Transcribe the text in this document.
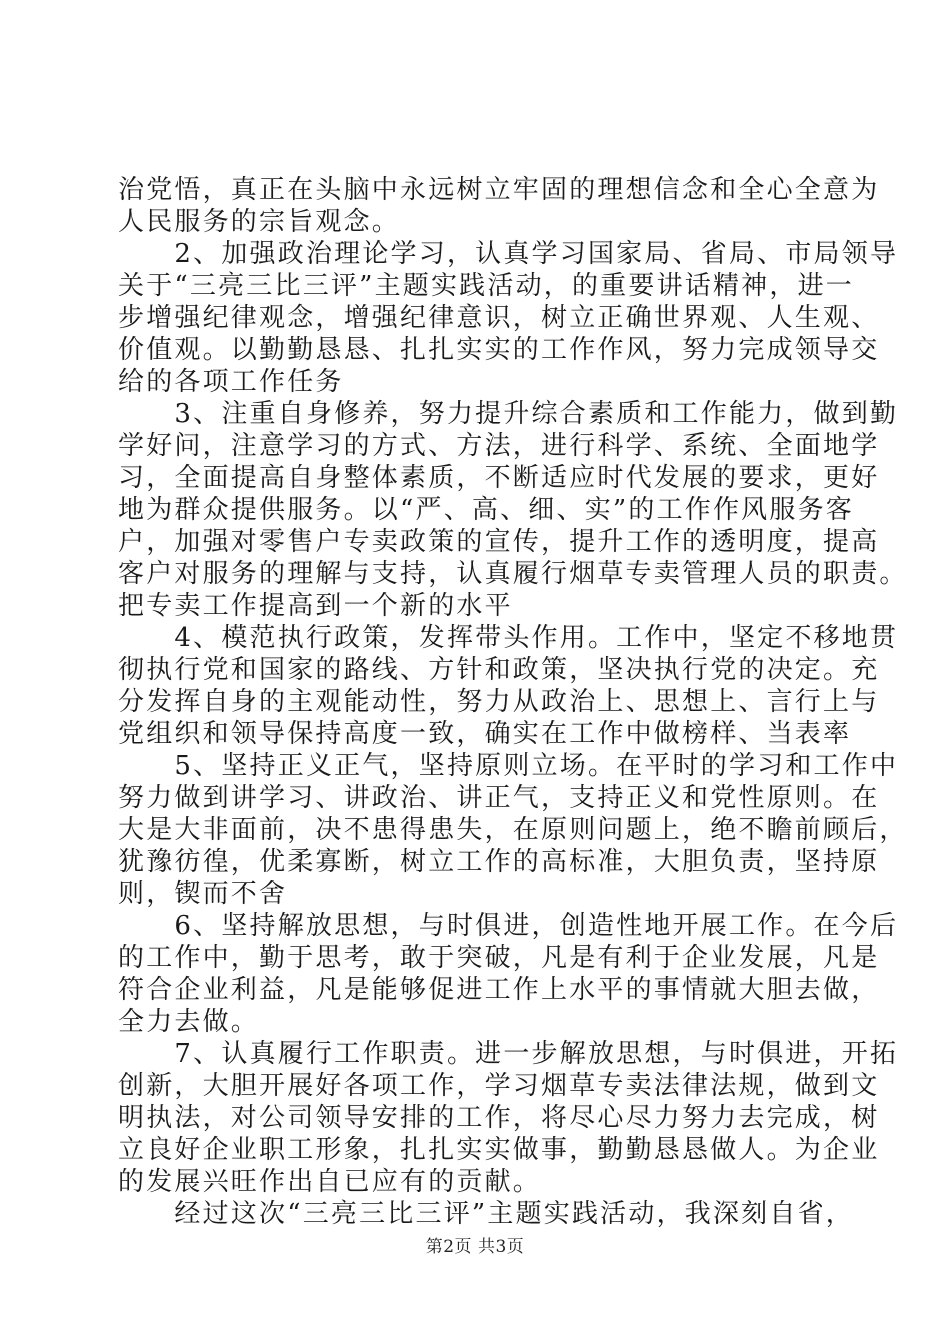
治党悟，真正在头脑中永远树立牢固的理想信念和全心全意为
人民服务的宗旨观念。
　　2、加强政治理论学习，认真学习国家局、省局、市局领导
关于“三亮三比三评”主题实践活动，的重要讲话精神，进一
步增强纪律观念，增强纪律意识，树立正确世界观、人生观、
价值观。以勤勤恳恳、扎扎实实的工作作风，努力完成领导交
给的各项工作任务
　　3、注重自身修养，努力提升综合素质和工作能力，做到勤
学好问，注意学习的方式、方法，进行科学、系统、全面地学
习，全面提高自身整体素质，不断适应时代发展的要求，更好
地为群众提供服务。以“严、高、细、实”的工作作风服务客
户，加强对零售户专卖政策的宣传，提升工作的透明度，提高
客户对服务的理解与支持，认真履行烟草专卖管理人员的职责。
把专卖工作提高到一个新的水平
　　4、模范执行政策，发挥带头作用。工作中，坚定不移地贯
彻执行党和国家的路线、方针和政策，坚决执行党的决定。充
分发挥自身的主观能动性，努力从政治上、思想上、言行上与
党组织和领导保持高度一致，确实在工作中做榜样、当表率
　　5、坚持正义正气，坚持原则立场。在平时的学习和工作中
努力做到讲学习、讲政治、讲正气，支持正义和党性原则。在
大是大非面前，决不患得患失，在原则问题上，绝不瞻前顾后，
犹豫彷徨，优柔寡断，树立工作的高标准，大胆负责，坚持原
则，锲而不舍
　　6、坚持解放思想，与时俱进，创造性地开展工作。在今后
的工作中，勤于思考，敢于突破，凡是有利于企业发展，凡是
符合企业利益，凡是能够促进工作上水平的事情就大胆去做，
全力去做。
　　7、认真履行工作职责。进一步解放思想，与时俱进，开拓
创新，大胆开展好各项工作，学习烟草专卖法律法规，做到文
明执法，对公司领导安排的工作，将尽心尽力努力去完成，树
立良好企业职工形象，扎扎实实做事，勤勤恳恳做人。为企业
的发展兴旺作出自已应有的贡献。
　　经过这次“三亮三比三评”主题实践活动，我深刻自省，
第2页 共3页
